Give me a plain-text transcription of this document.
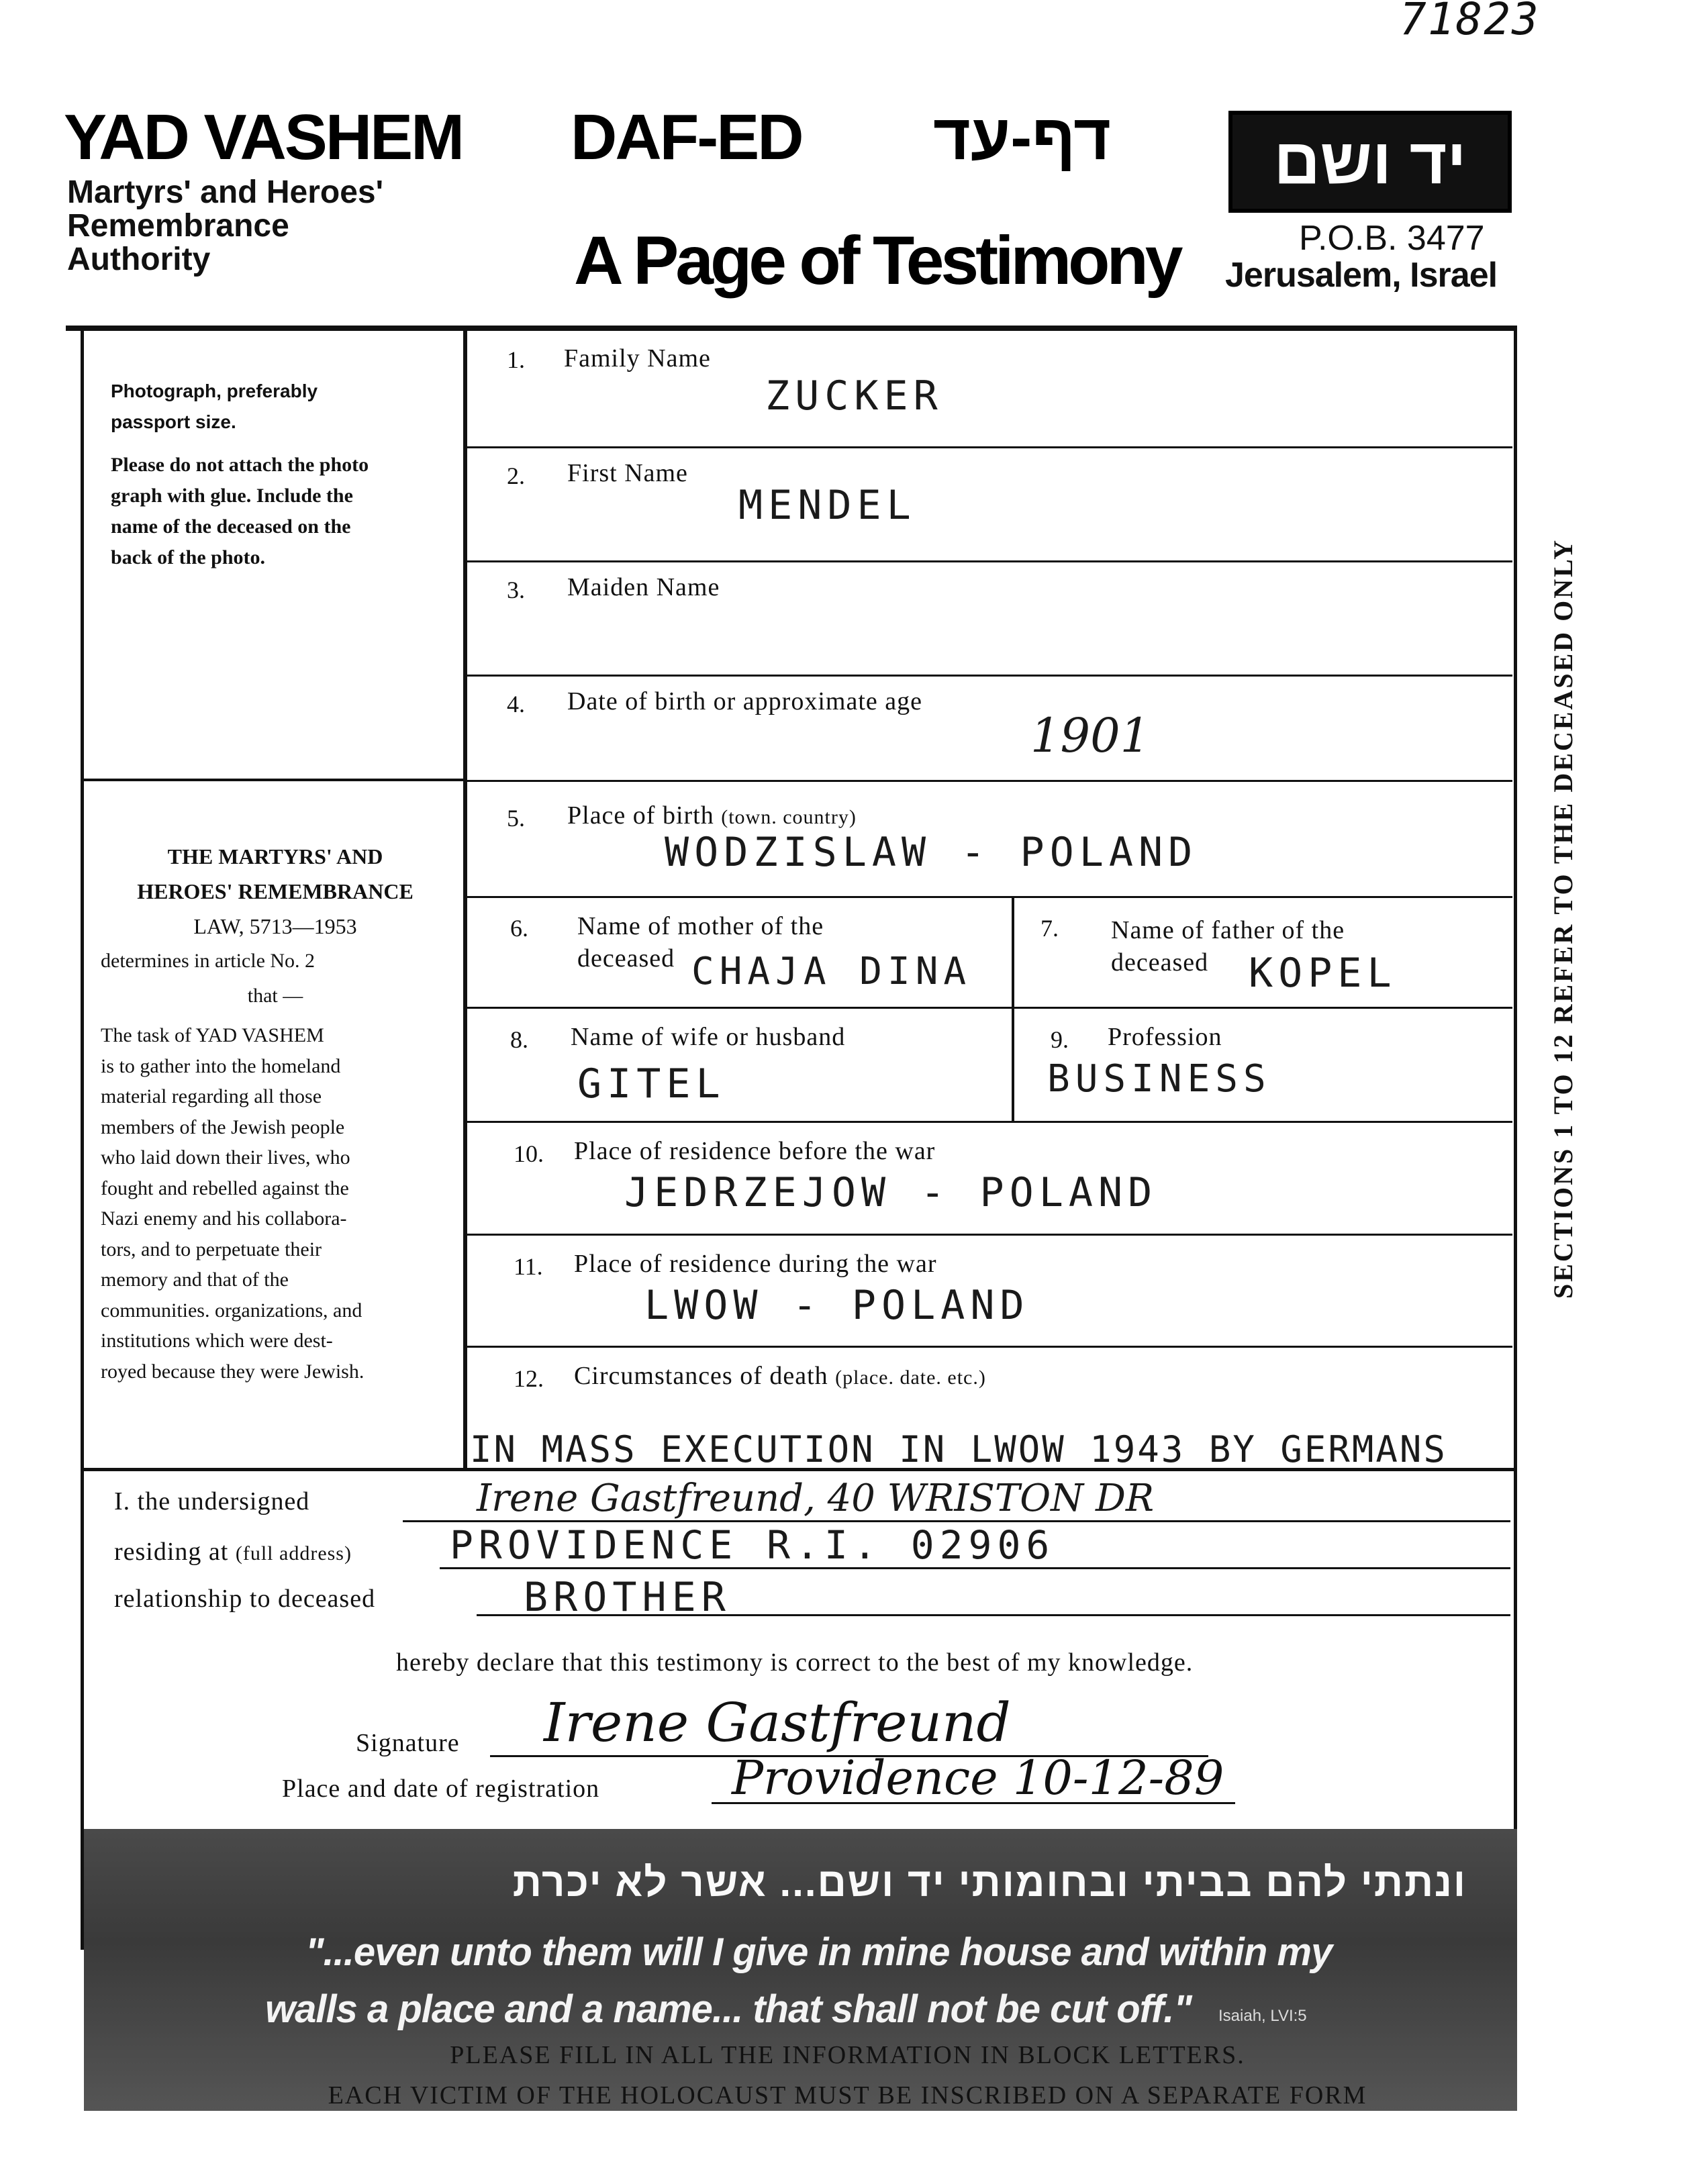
71823
YAD VASHEM
Martyrs' and Heroes'
Remembrance
Authority
DAF-ED דף-עד
A Page of Testimony
יד ושם
P.O.B. 3477
Jerusalem, Israel
Photograph, preferably
passport size.
Please do not attach the photo
graph with glue. Include the
name of the deceased on the
back of the photo.
THE MARTYRS' AND
HEROES' REMEMBRANCE
LAW, 5713—1953
determines in article No. 2
that —
The task of YAD VASHEM
is to gather into the homeland
material regarding all those
members of the Jewish people
who laid down their lives, who
fought and rebelled against the
Nazi enemy and his collabora-
tors, and to perpetuate their
memory and that of the
communities. organizations, and
institutions which were dest-
royed because they were Jewish.
1. Family Name
ZUCKER
2. First Name
MENDEL
3. Maiden Name
4. Date of birth or approximate age
1901
5. Place of birth (town. country)
WODZISLAW - POLAND
6. Name of mother of the
deceased CHAJA DINA
7. Name of father of the
deceased KOPEL
8. Name of wife or husband
GITEL
9. Profession
BUSINESS
10. Place of residence before the war
JEDRZEJOW - POLAND
11. Place of residence during the war
LWOW - POLAND
12. Circumstances of death (place. date. etc.)
IN MASS EXECUTION IN LWOW 1943 BY GERMANS
SECTIONS 1 TO 12 REFER TO THE DECEASED ONLY
I. the undersigned	Irene Gastfreund, 40 WRISTON DR
residing at (full address)	PROVIDENCE R.I. 02906
relationship to deceased	BROTHER
hereby declare that this testimony is correct to the best of my knowledge.
Signature Irene Gastfreund
Place and date of registration	Providence 10-12-89
ונתתי להם בביתי ובחומותי יד ושם... אשר לא יכרת
"...even unto them will I give in mine house and within my
walls a place and a name... that shall not be cut off." Isaiah, LVI:5
PLEASE FILL IN ALL THE INFORMATION IN BLOCK LETTERS.
EACH VICTIM OF THE HOLOCAUST MUST BE INSCRIBED ON A SEPARATE FORM
